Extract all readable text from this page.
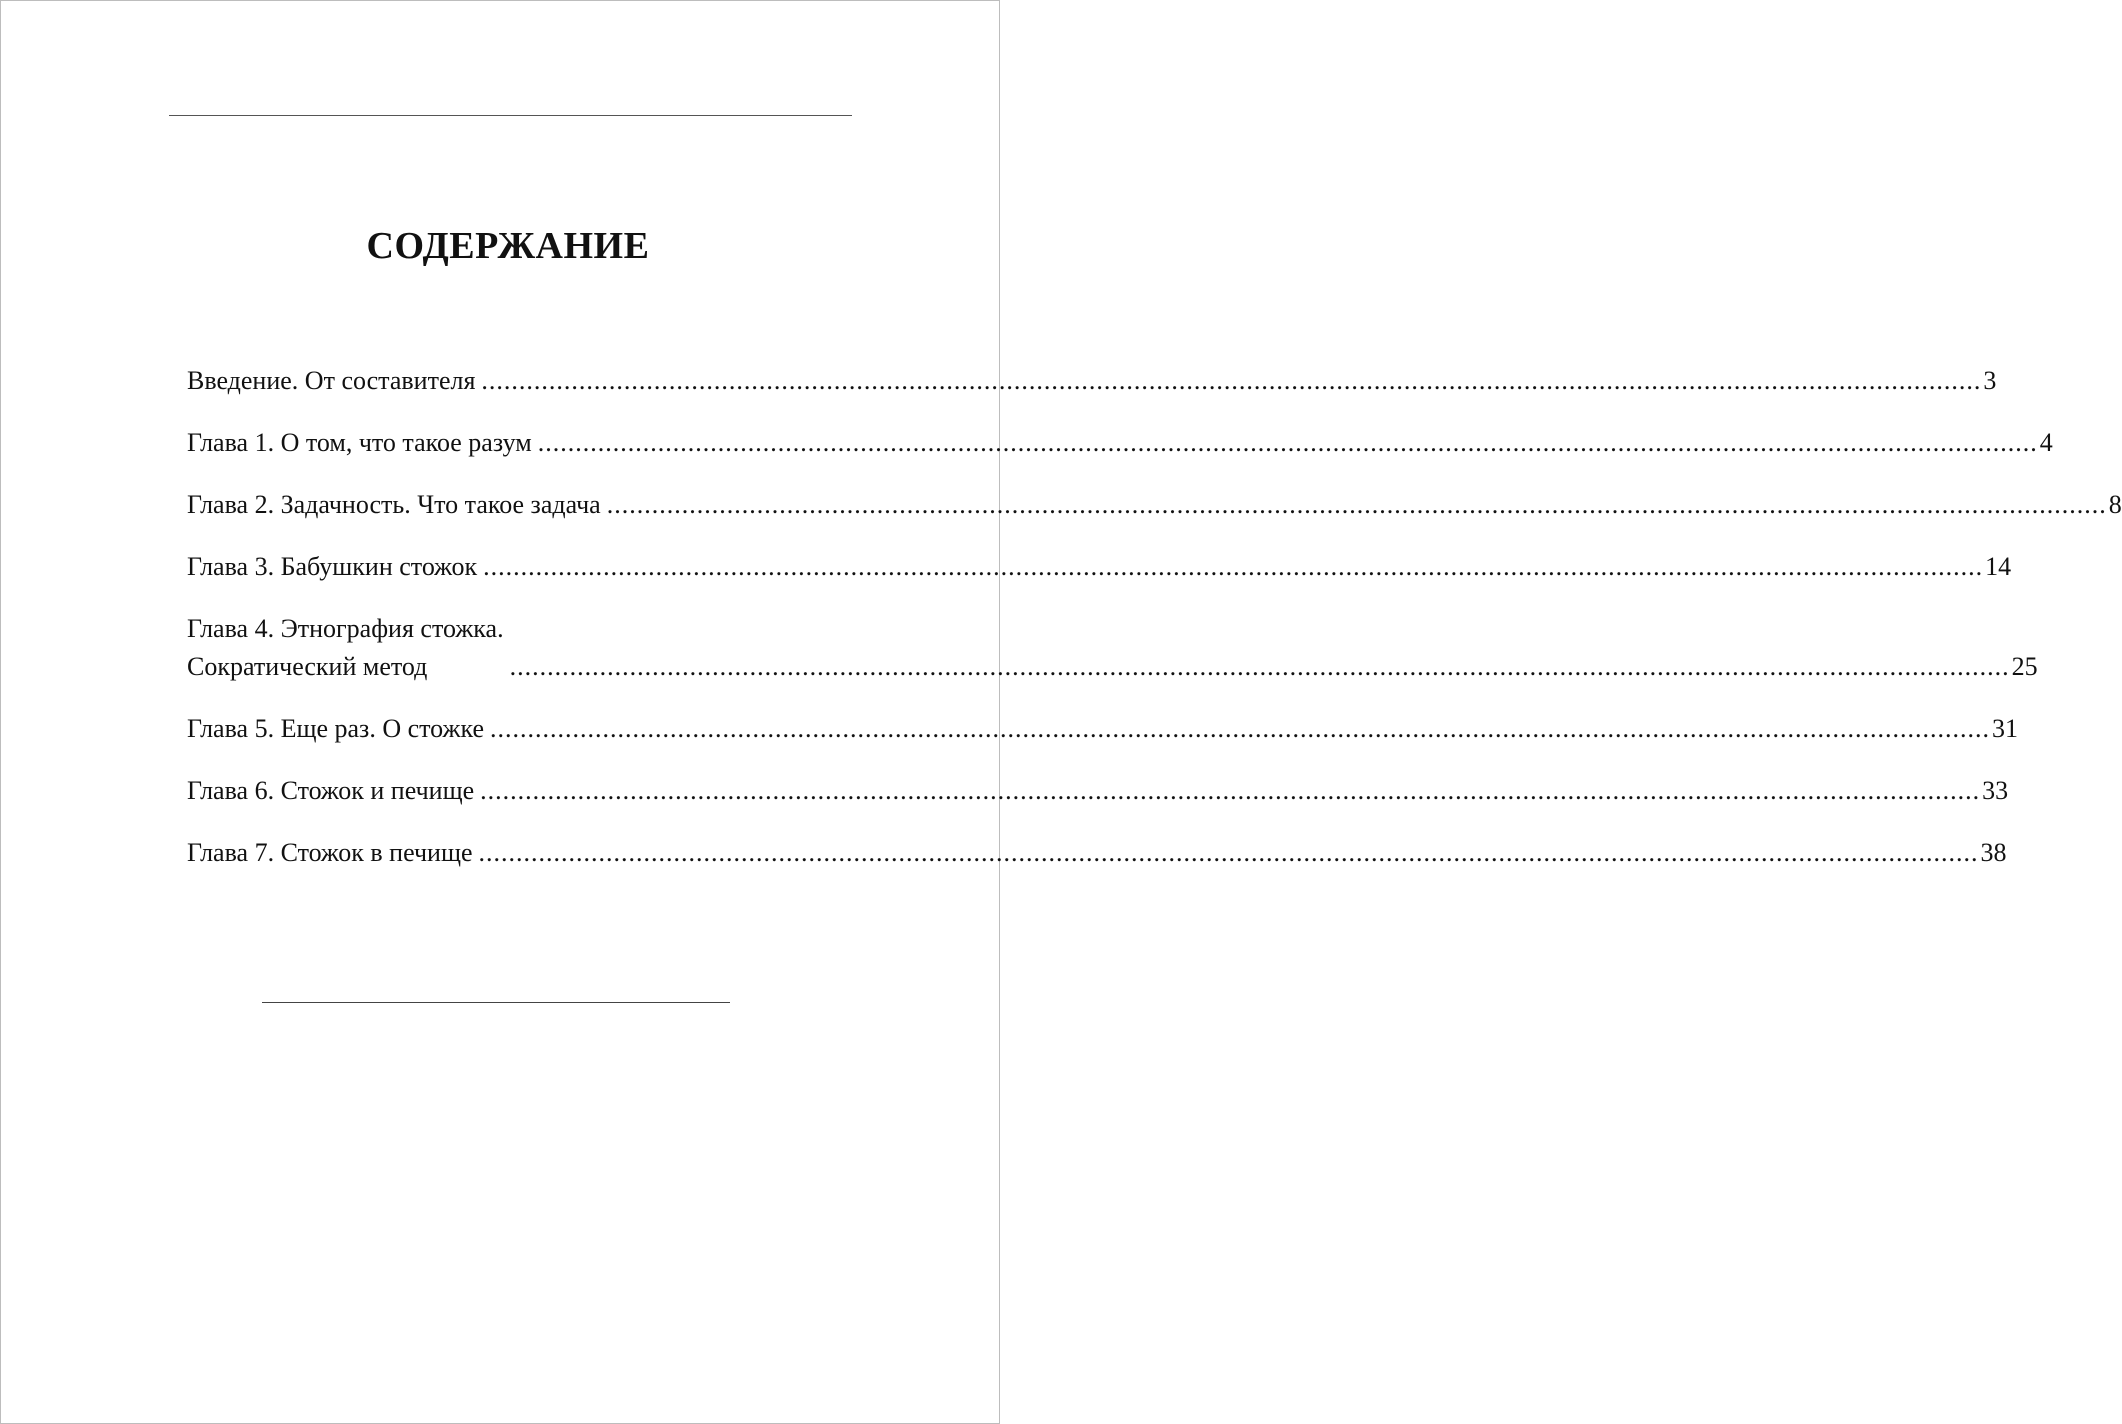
СОДЕРЖАНИЕ
Введение. От составителя ........................................................................................................................................................................................................ 3
Глава 1. О том, что такое разум ........................................................................................................................................................................................................ 4
Глава 2. Задачность. Что такое задача ........................................................................................................................................................................................................ 8
Глава 3. Бабушкин стожок ........................................................................................................................................................................................................ 14
Глава 4. Этнография стожка.
Сократический метод	........................................................................................................................................................................................................ 25
Глава 5. Еще раз. О стожке ........................................................................................................................................................................................................ 31
Глава 6. Стожок и печище ........................................................................................................................................................................................................ 33
Глава 7. Стожок в печище ........................................................................................................................................................................................................ 38
